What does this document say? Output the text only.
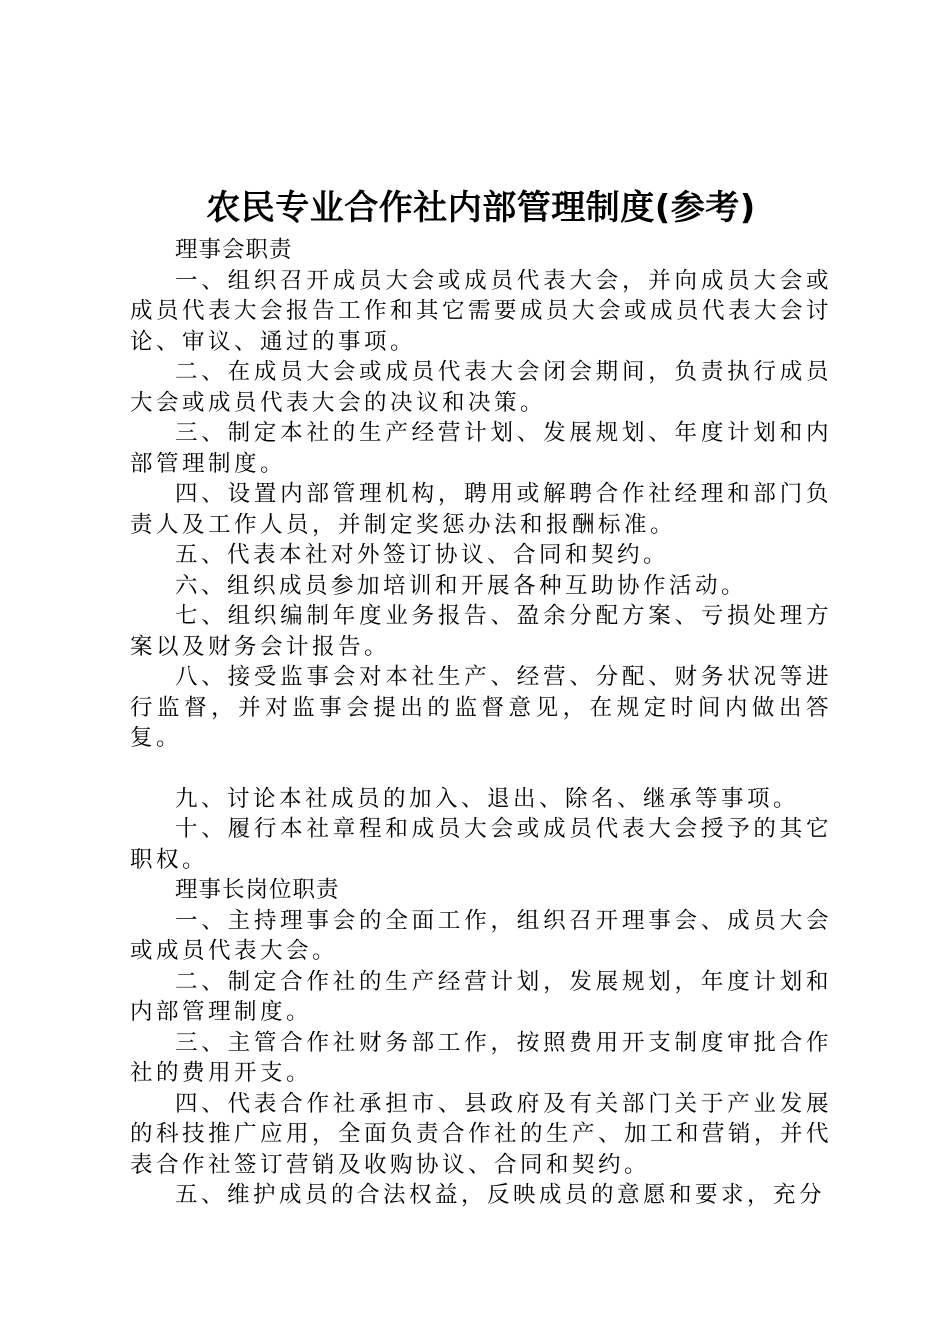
农民专业合作社内部管理制度(参考)

理事会职责

一、组织召开成员大会或成员代表大会，并向成员大会或成员代表大会报告工作和其它需要成员大会或成员代表大会讨论、审议、通过的事项。

二、在成员大会或成员代表大会闭会期间，负责执行成员大会或成员代表大会的决议和决策。

三、制定本社的生产经营计划、发展规划、年度计划和内部管理制度。

四、设置内部管理机构，聘用或解聘合作社经理和部门负责人及工作人员，并制定奖惩办法和报酬标准。

五、代表本社对外签订协议、合同和契约。

六、组织成员参加培训和开展各种互助协作活动。

七、组织编制年度业务报告、盈余分配方案、亏损处理方案以及财务会计报告。

八、接受监事会对本社生产、经营、分配、财务状况等进行监督，并对监事会提出的监督意见，在规定时间内做出答复。

九、讨论本社成员的加入、退出、除名、继承等事项。

十、履行本社章程和成员大会或成员代表大会授予的其它职权。

理事长岗位职责

一、主持理事会的全面工作，组织召开理事会、成员大会或成员代表大会。

二、制定合作社的生产经营计划，发展规划，年度计划和内部管理制度。

三、主管合作社财务部工作，按照费用开支制度审批合作社的费用开支。

四、代表合作社承担市、县政府及有关部门关于产业发展的科技推广应用，全面负责合作社的生产、加工和营销，并代表合作社签订营销及收购协议、合同和契约。

五、维护成员的合法权益，反映成员的意愿和要求，充分
